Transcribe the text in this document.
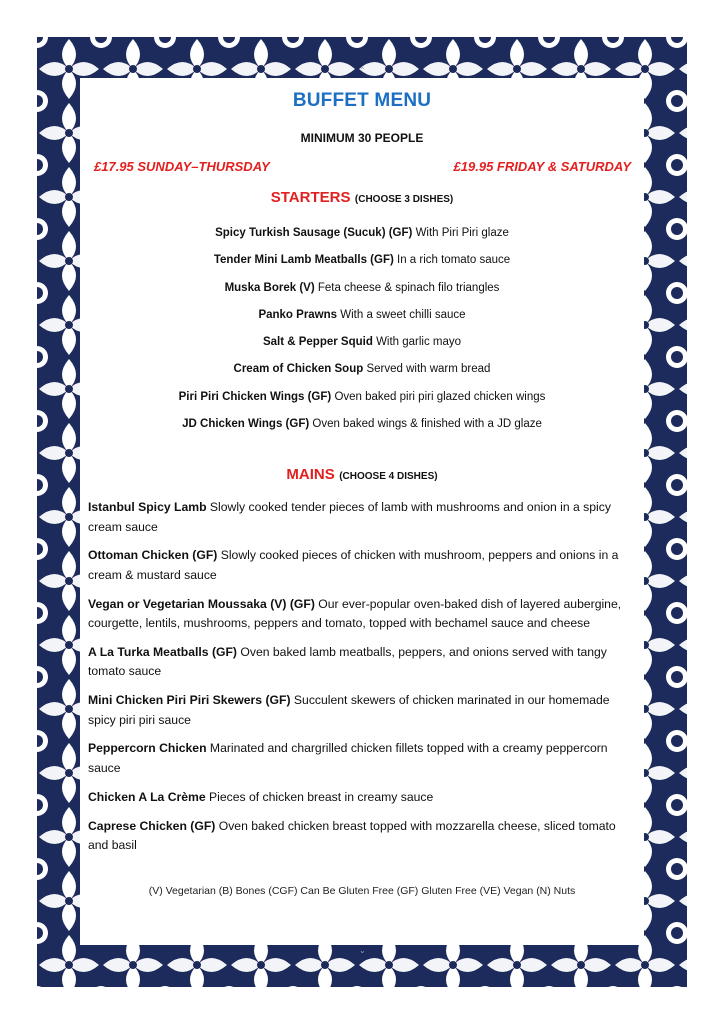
⌃
⌄
BUFFET MENU
MINIMUM 30 PEOPLE
£17.95 SUNDAY–THURSDAY	£19.95 FRIDAY & SATURDAY
STARTERS (CHOOSE 3 DISHES)
Spicy Turkish Sausage (Sucuk) (GF) With Piri Piri glaze
Tender Mini Lamb Meatballs (GF) In a rich tomato sauce
Muska Borek (V) Feta cheese & spinach filo triangles
Panko Prawns With a sweet chilli sauce
Salt & Pepper Squid With garlic mayo
Cream of Chicken Soup Served with warm bread
Piri Piri Chicken Wings (GF) Oven baked piri piri glazed chicken wings
JD Chicken Wings (GF) Oven baked wings & finished with a JD glaze
MAINS (CHOOSE 4 DISHES)
Istanbul Spicy Lamb Slowly cooked tender pieces of lamb with mushrooms and onion in a spicy cream sauce
Ottoman Chicken (GF) Slowly cooked pieces of chicken with mushroom, peppers and onions in a cream & mustard sauce
Vegan or Vegetarian Moussaka (V) (GF) Our ever-popular oven-baked dish of layered aubergine, courgette, lentils, mushrooms, peppers and tomato, topped with bechamel sauce and cheese
A La Turka Meatballs (GF) Oven baked lamb meatballs, peppers, and onions served with tangy tomato sauce
Mini Chicken Piri Piri Skewers (GF) Succulent skewers of chicken marinated in our homemade spicy piri piri sauce
Peppercorn Chicken Marinated and chargrilled chicken fillets topped with a creamy peppercorn sauce
Chicken A La Crème Pieces of chicken breast in creamy sauce
Caprese Chicken (GF) Oven baked chicken breast topped with mozzarella cheese, sliced tomato and basil
(V) Vegetarian (B) Bones (CGF) Can Be Gluten Free (GF) Gluten Free (VE) Vegan (N) Nuts
